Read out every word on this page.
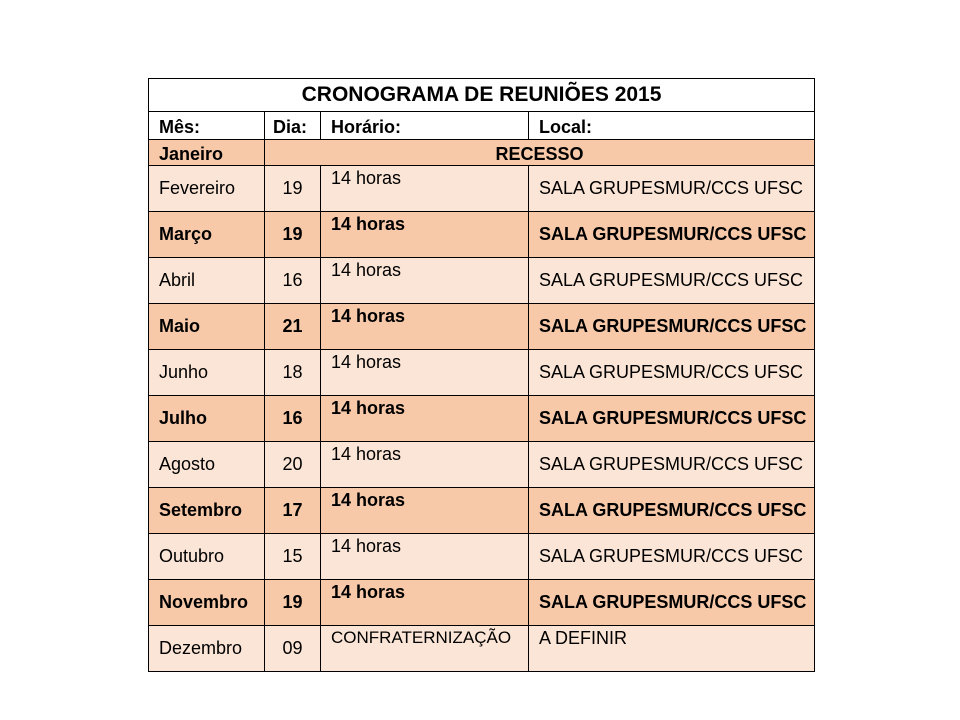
CRONOGRAMA DE REUNIÕES 2015			
Mês:	Dia:	Horário:	Local:
Janeiro	RECESSO		
Fevereiro	19	14 horas	SALA GRUPESMUR/CCS UFSC
Março	19	14 horas	SALA GRUPESMUR/CCS UFSC
Abril	16	14 horas	SALA GRUPESMUR/CCS UFSC
Maio	21	14 horas	SALA GRUPESMUR/CCS UFSC
Junho	18	14 horas	SALA GRUPESMUR/CCS UFSC
Julho	16	14 horas	SALA GRUPESMUR/CCS UFSC
Agosto	20	14 horas	SALA GRUPESMUR/CCS UFSC
Setembro	17	14 horas	SALA GRUPESMUR/CCS UFSC
Outubro	15	14 horas	SALA GRUPESMUR/CCS UFSC
Novembro	19	14 horas	SALA GRUPESMUR/CCS UFSC
Dezembro	09	CONFRATERNIZAÇÃO	A DEFINIR
